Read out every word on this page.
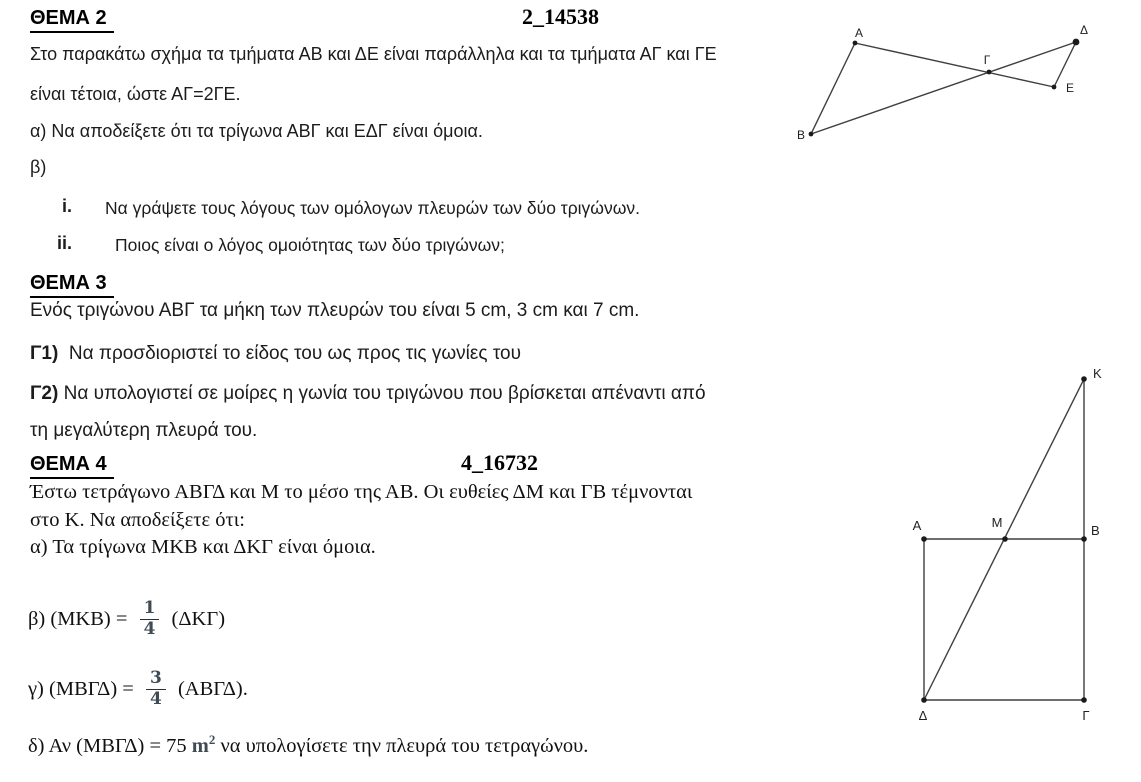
ΘΕΜΑ 2	2_14538
Στο παρακάτω σχήμα τα τμήματα ΑΒ και ΔΕ είναι παράλληλα και τα τμήματα ΑΓ και ΓΕ
είναι τέτοια, ώστε ΑΓ=2ΓΕ.
α) Να αποδείξετε ότι τα τρίγωνα ΑΒΓ και ΕΔΓ είναι όμοια.
β)
i. Να γράψετε τους λόγους των ομόλογων πλευρών των δύο τριγώνων.
ii. Ποιος είναι ο λόγος ομοιότητας των δύο τριγώνων;
Α
Β
Γ
Δ
Ε
ΘΕΜΑ 3
Ενός τριγώνου ΑΒΓ τα μήκη των πλευρών του είναι 5 cm, 3 cm και 7 cm.
Γ1)  Να προσδιοριστεί το είδος του ως προς τις γωνίες του
Γ2) Να υπολογιστεί σε μοίρες η γωνία του τριγώνου που βρίσκεται απέναντι από
τη μεγαλύτερη πλευρά του.
ΘΕΜΑ 4	4_16732
Έστω τετράγωνο ΑΒΓΔ και Μ το μέσο της ΑΒ. Οι ευθείες ΔΜ και ΓΒ τέμνονται
στο Κ. Να αποδείξετε ότι:
α) Τα τρίγωνα ΜΚΒ και ΔΚΓ είναι όμοια.
β) $(MKB) = \frac{1}{4} (\Delta K\Gamma)$
γ) $(MB\Gamma\Delta) = \frac{3}{4} (AB\Gamma\Delta)$.
δ) Αν (ΜΒΓΔ) = 75 $m^2$ να υπολογίσετε την πλευρά του τετραγώνου.
Κ
Α	Μ
Β
Δ	Γ
